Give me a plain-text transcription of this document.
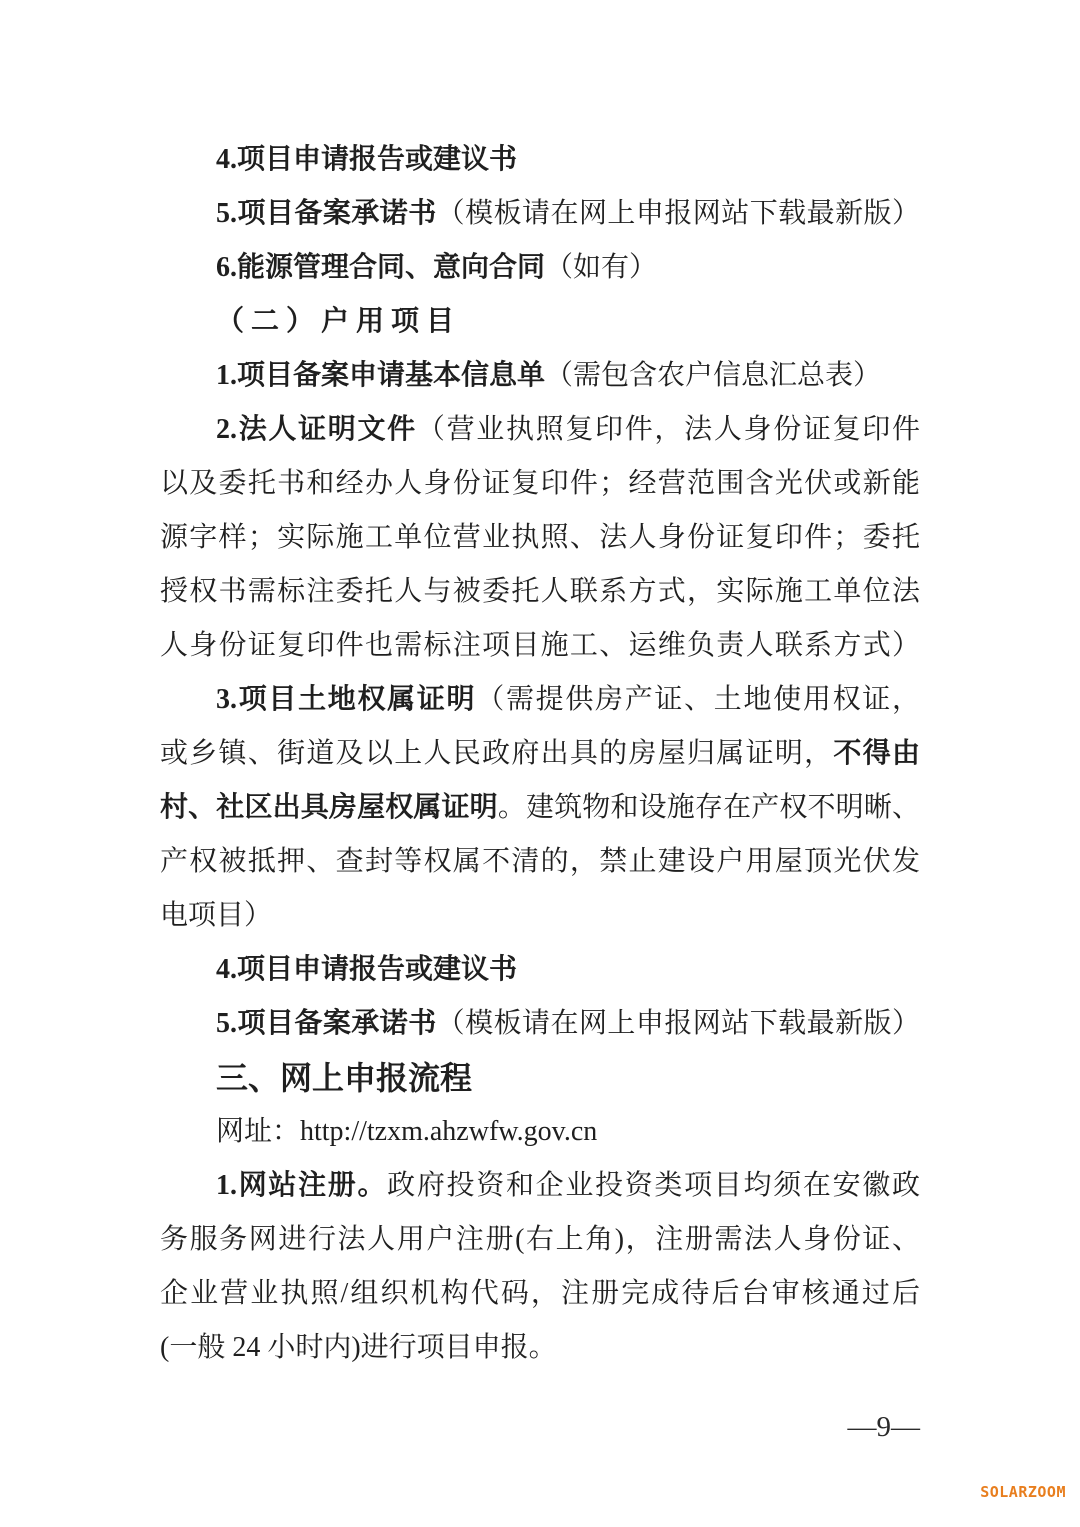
4.项目申请报告或建议书
5.项目备案承诺书（模板请在网上申报网站下载最新版）
6.能源管理合同、意向合同（如有）
（二）户用项目
1.项目备案申请基本信息单（需包含农户信息汇总表）
2.法人证明文件（营业执照复印件，法人身份证复印件
以及委托书和经办人身份证复印件；经营范围含光伏或新能
源字样；实际施工单位营业执照、法人身份证复印件；委托
授权书需标注委托人与被委托人联系方式，实际施工单位法
人身份证复印件也需标注项目施工、运维负责人联系方式）
3.项目土地权属证明（需提供房产证、土地使用权证，
或乡镇、街道及以上人民政府出具的房屋归属证明，不得由
村、社区出具房屋权属证明。建筑物和设施存在产权不明晰、
产权被抵押、查封等权属不清的，禁止建设户用屋顶光伏发
电项目）
4.项目申请报告或建议书
5.项目备案承诺书（模板请在网上申报网站下载最新版）
三、网上申报流程
网址：http://tzxm.ahzwfw.gov.cn
1.网站注册。政府投资和企业投资类项目均须在安徽政
务服务网进行法人用户注册(右上角)，注册需法人身份证、
企业营业执照/组织机构代码，注册完成待后台审核通过后
(一般 24 小时内)进行项目申报。
—9—
SOLARZOOM
